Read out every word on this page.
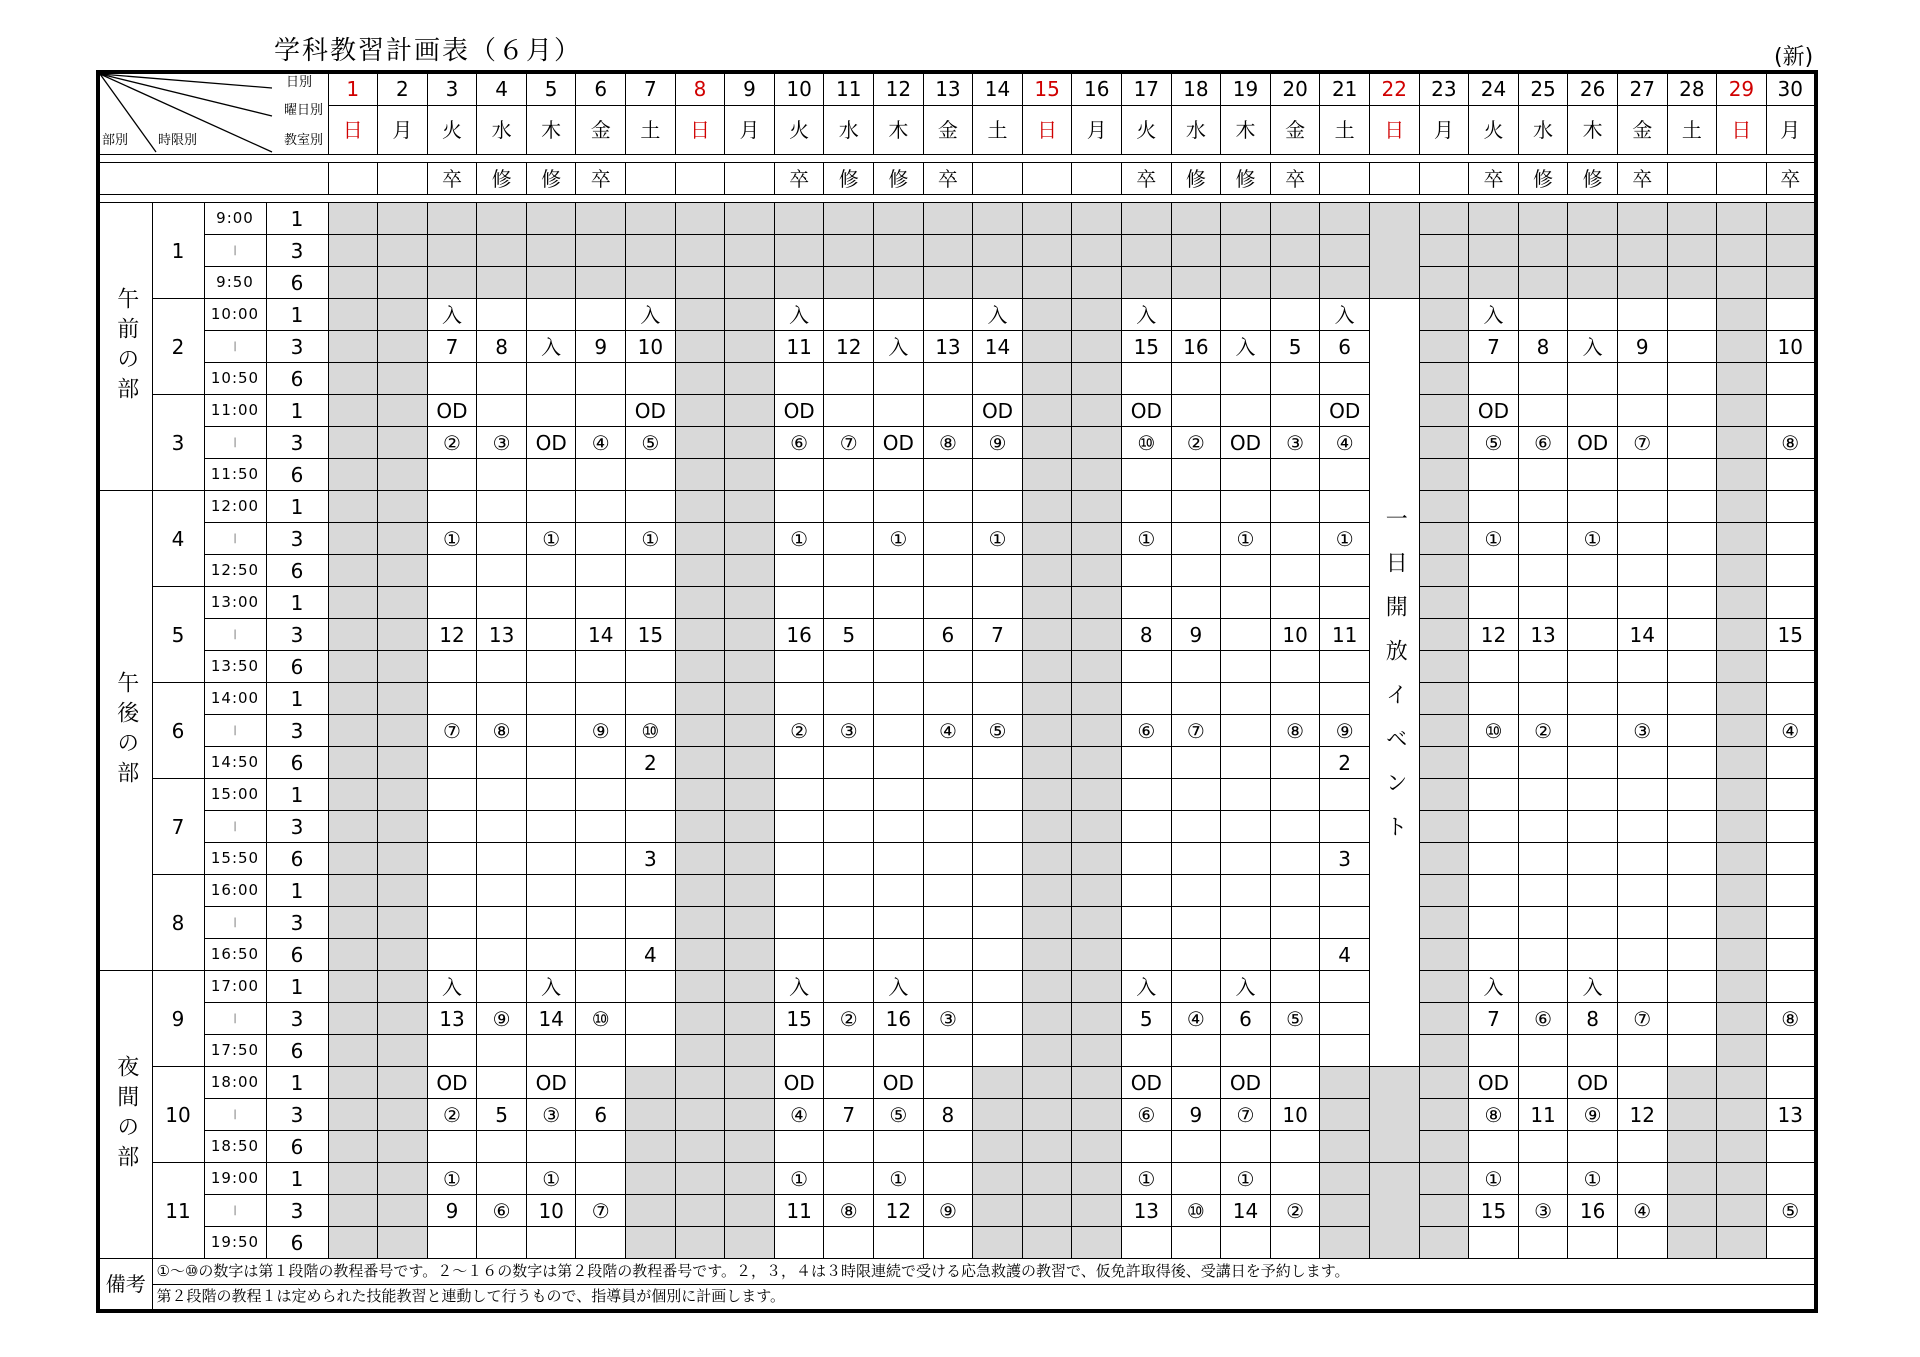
学科教習計画表（６月）	(新)
日別
曜日別
教室別
部別 時限別				1	2	3	4	5	6	7	8	9	10	11	12	13	14	15	16	17	18	19	20	21	22	23	24	25	26	27	28	29	30
				日	月	火	水	木	金	土	日	月	火	水	木	金	土	日	月	火	水	木	金	土	日	月	火	水	木	金	土	日	月

						卒	修	修	卒				卒	修	修	卒				卒	修	修	卒				卒	修	修	卒			卒

午前の部	1	9:00	1																														
		|	3																														
		9:50	6																														
	2	10:00	1			入				入			入				入			入				入	一日開放イベント		入						
		|	3			7	8	入	9	10			11	12	入	13	14			15	16	入	5	6			7	8	入	9			10
		10:50	6																														
	3	11:00	1			OD				OD			OD				OD			OD				OD			OD						
		|	3			②	③	OD	④	⑤			⑥	⑦	OD	⑧	⑨			⑩	②	OD	③	④			⑤	⑥	OD	⑦			⑧
		11:50	6																														
午後の部	4	12:00	1																														
		|	3			①		①		①			①		①		①			①		①		①			①		①				
		12:50	6																														
	5	13:00	1																														
		|	3			12	13		14	15			16	5		6	7			8	9		10	11			12	13		14			15
		13:50	6																														
	6	14:00	1																														
		|	3			⑦	⑧		⑨	⑩			②	③		④	⑤			⑥	⑦		⑧	⑨			⑩	②		③			④
		14:50	6							2														2									
	7	15:00	1																														
		|	3																														
		15:50	6							3														3									
	8	16:00	1																														
		|	3																														
		16:50	6							4														4									
夜間の部	9	17:00	1			入		入					入		入					入		入					入		入				
		|	3			13	⑨	14	⑩				15	②	16	③				5	④	6	⑤				7	⑥	8	⑦			⑧
		17:50	6																														
	10	18:00	1			OD		OD					OD		OD					OD		OD					OD		OD				
		|	3			②	5	③	6				④	7	⑤	8				⑥	9	⑦	10				⑧	11	⑨	12			13
		18:50	6																														
	11	19:00	1			①		①					①		①					①		①					①		①				
		|	3			9	⑥	10	⑦				11	⑧	12	⑨				13	⑩	14	②				15	③	16	④			⑤
		19:50	6																														
備考	①～⑩の数字は第１段階の教程番号です。２～１６の数字は第２段階の教程番号です。２，３，４は３時限連続で受ける応急救護の教習で、仮免許取得後、受講日を予約します。																																
	第２段階の教程１は定められた技能教習と連動して行うもので、指導員が個別に計画します。																																
